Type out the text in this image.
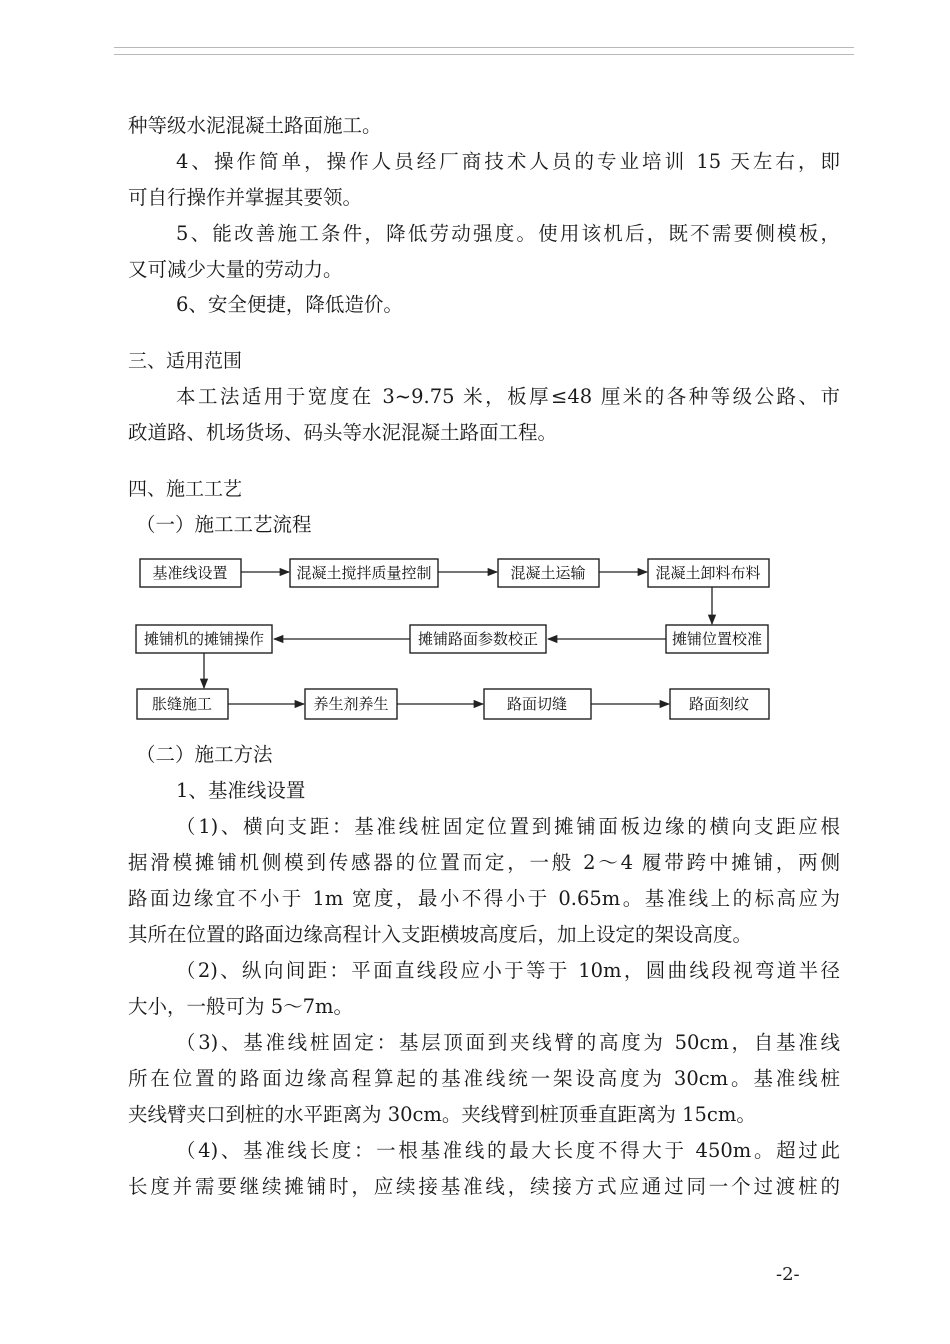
种等级水泥混凝土路面施工。
4、操作简单，操作人员经厂商技术人员的专业培训 15 天左右，即
可自行操作并掌握其要领。
5、能改善施工条件，降低劳动强度。使用该机后，既不需要侧模板，
又可减少大量的劳动力。
6、安全便捷，降低造价。
三、适用范围
本工法适用于宽度在 3~9.75 米，板厚≤48 厘米的各种等级公路、市
政道路、机场货场、码头等水泥混凝土路面工程。
四、施工工艺
（一）施工工艺流程
基准线设置	混凝土搅拌质量控制	混凝土运输	混凝土卸料布料
摊铺位置校准
摊铺路面参数校正
摊铺机的摊铺操作
胀缝施工	养生剂养生	路面切缝	路面刻纹
（二）施工方法
1、基准线设置
（1)、横向支距：基准线桩固定位置到摊铺面板边缘的横向支距应根
据滑模摊铺机侧模到传感器的位置而定，一般 2～4 履带跨中摊铺，两侧
路面边缘宜不小于 1m 宽度，最小不得小于 0.65m。基准线上的标高应为
其所在位置的路面边缘高程计入支距横坡高度后，加上设定的架设高度。
（2)、纵向间距：平面直线段应小于等于 10m，圆曲线段视弯道半径
大小，一般可为 5～7m。
（3)、基准线桩固定：基层顶面到夹线臂的高度为 50cm，自基准线
所在位置的路面边缘高程算起的基准线统一架设高度为 30cm。基准线桩
夹线臂夹口到桩的水平距离为 30cm。夹线臂到桩顶垂直距离为 15cm。
（4)、基准线长度：一根基准线的最大长度不得大于 450m。超过此
长度并需要继续摊铺时，应续接基准线，续接方式应通过同一个过渡桩的
-2-
